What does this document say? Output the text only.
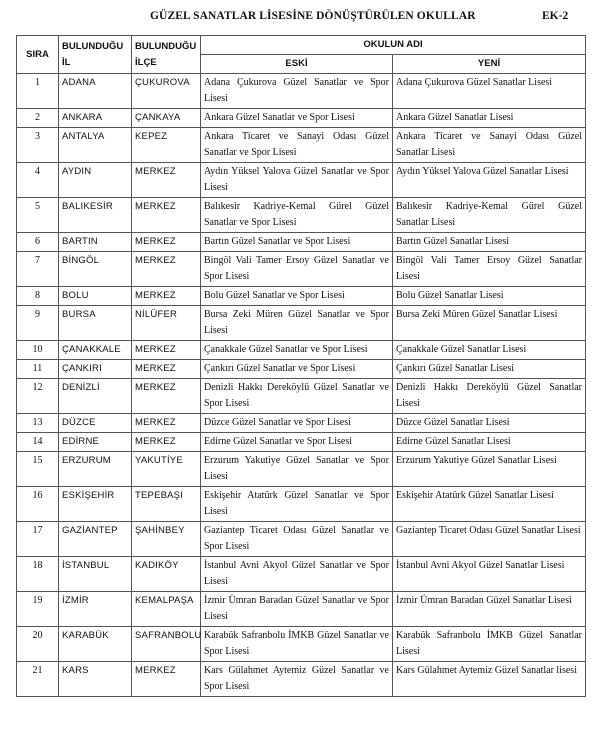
GÜZEL SANATLAR LİSESİNE DÖNÜŞTÜRÜLEN OKULLAR	EK-2
SIRA	BULUNDUĞU İL	BULUNDUĞU İLÇE	OKULUN ADI	
			ESKİ	YENİ
1	ADANA	ÇUKUROVA	Adana Çukurova Güzel Sanatlar ve Spor Lisesi	Adana Çukurova Güzel Sanatlar Lisesi
2	ANKARA	ÇANKAYA	Ankara Güzel Sanatlar ve Spor Lisesi	Ankara Güzel Sanatlar Lisesi
3	ANTALYA	KEPEZ	Ankara Ticaret ve Sanayi Odası Güzel Sanatlar ve Spor Lisesi	Ankara Ticaret ve Sanayi Odası Güzel Sanatlar Lisesi
4	AYDIN	MERKEZ	Aydın Yüksel Yalova Güzel Sanatlar ve Spor Lisesi	Aydın Yüksel Yalova Güzel Sanatlar Lisesi
5	BALIKESİR	MERKEZ	Balıkesir Kadriye-Kemal Gürel Güzel Sanatlar ve Spor Lisesi	Balıkesir Kadriye-Kemal Gürel Güzel Sanatlar Lisesi
6	BARTIN	MERKEZ	Bartın Güzel Sanatlar ve Spor Lisesi	Bartın Güzel Sanatlar Lisesi
7	BİNGÖL	MERKEZ	Bingöl Vali Tamer Ersoy Güzel Sanatlar ve Spor Lisesi	Bingöl Vali Tamer Ersoy Güzel Sanatlar Lisesi
8	BOLU	MERKEZ	Bolu Güzel Sanatlar ve Spor Lisesi	Bolu Güzel Sanatlar Lisesi
9	BURSA	NİLÜFER	Bursa Zeki Müren Güzel Sanatlar ve Spor Lisesi	Bursa Zeki Müren Güzel Sanatlar Lisesi
10	ÇANAKKALE	MERKEZ	Çanakkale Güzel Sanatlar ve Spor Lisesi	Çanakkale Güzel Sanatlar Lisesi
11	ÇANKIRI	MERKEZ	Çankırı Güzel Sanatlar ve Spor Lisesi	Çankırı Güzel Sanatlar Lisesi
12	DENİZLİ	MERKEZ	Denizli Hakkı Dereköylü Güzel Sanatlar ve Spor Lisesi	Denizli Hakkı Dereköylü Güzel Sanatlar Lisesi
13	DÜZCE	MERKEZ	Düzce Güzel Sanatlar ve Spor Lisesi	Düzce Güzel Sanatlar Lisesi
14	EDİRNE	MERKEZ	Edirne Güzel Sanatlar ve Spor Lisesi	Edirne Güzel Sanatlar Lisesi
15	ERZURUM	YAKUTİYE	Erzurum Yakutiye Güzel Sanatlar ve Spor Lisesi	Erzurum Yakutiye Güzel Sanatlar Lisesi
16	ESKİŞEHİR	TEPEBAŞI	Eskişehir Atatürk Güzel Sanatlar ve Spor Lisesi	Eskişehir Atatürk Güzel Sanatlar Lisesi
17	GAZİANTEP	ŞAHİNBEY	Gaziantep Ticaret Odası Güzel Sanatlar ve Spor Lisesi	Gaziantep Ticaret Odası Güzel Sanatlar Lisesi
18	İSTANBUL	KADIKÖY	İstanbul Avni Akyol Güzel Sanatlar ve Spor Lisesi	İstanbul Avni Akyol Güzel Sanatlar Lisesi
19	İZMİR	KEMALPAŞA	İzmir Ümran Baradan Güzel Sanatlar ve Spor Lisesi	İzmir Ümran Baradan Güzel Sanatlar Lisesi
20	KARABÜK	SAFRANBOLU	Karabük Safranbolu İMKB Güzel Sanatlar ve Spor Lisesi	Karabük Safranbolu İMKB Güzel Sanatlar Lisesi
21	KARS	MERKEZ	Kars Gülahmet Aytemiz Güzel Sanatlar ve Spor Lisesi	Kars Gülahmet Aytemiz Güzel Sanatlar lisesi
